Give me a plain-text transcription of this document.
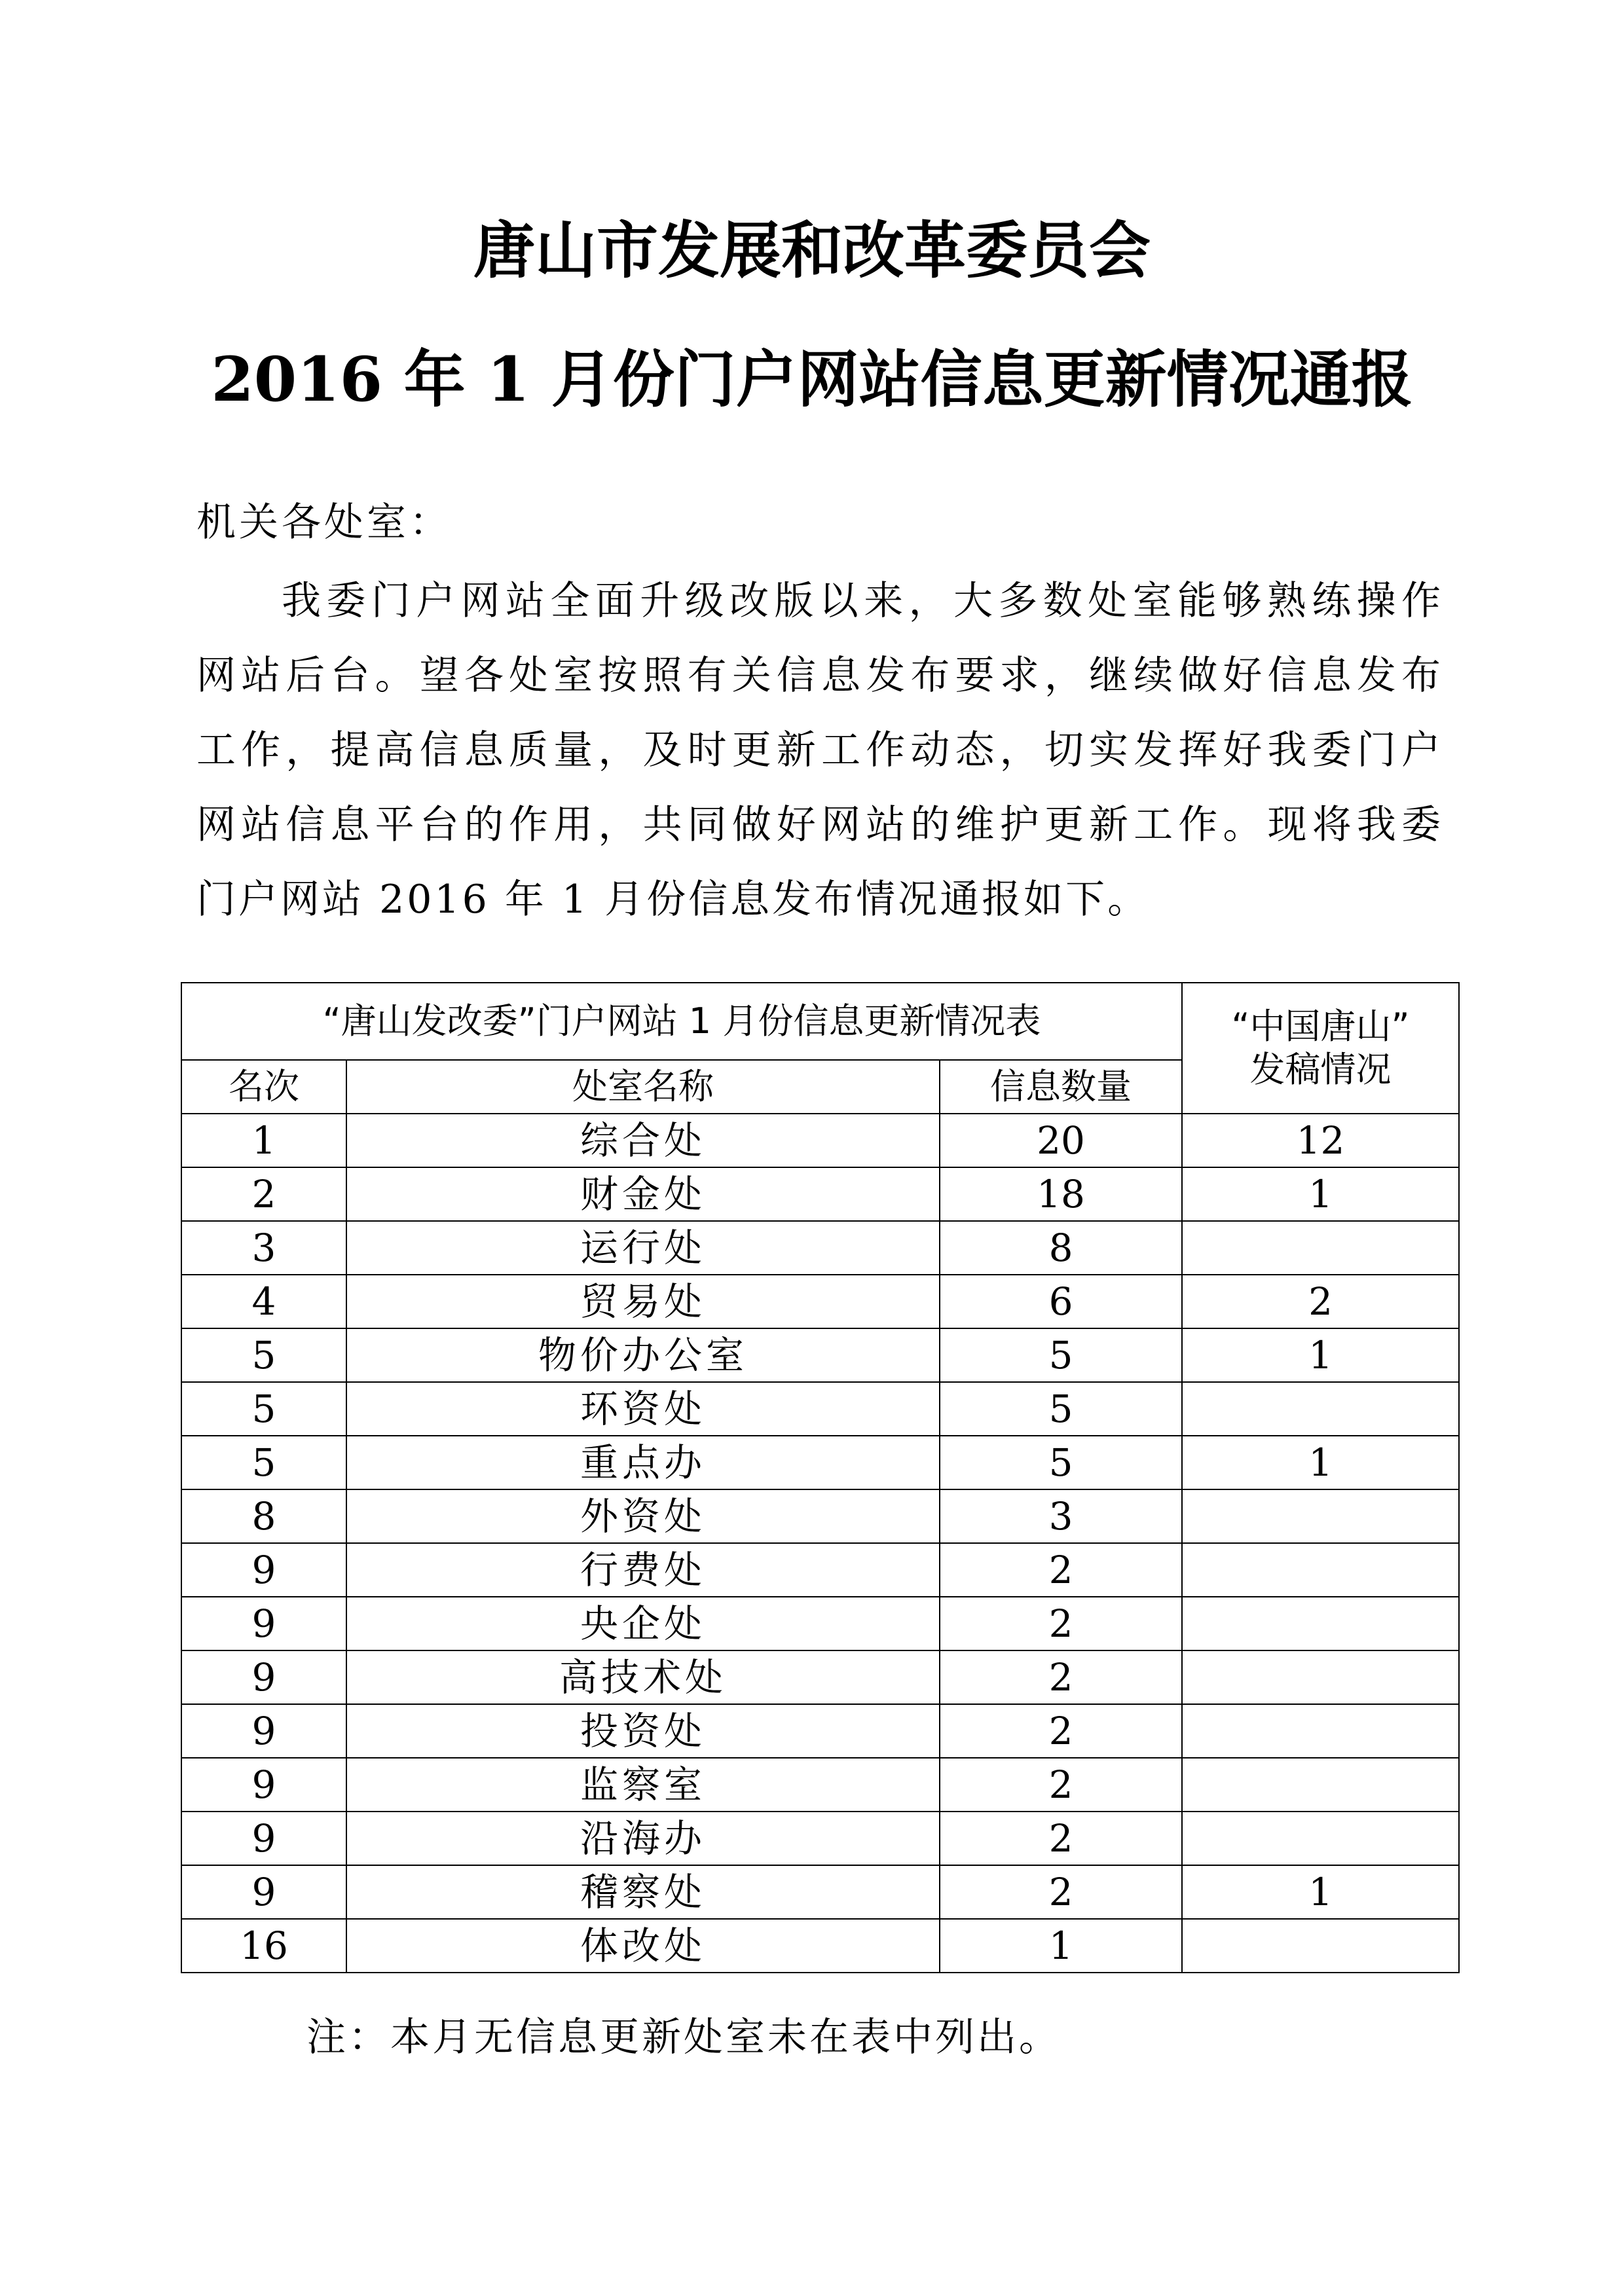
唐山市发展和改革委员会
2016 年 1 月份门户网站信息更新情况通报
机关各处室：
我委门户网站全面升级改版以来，大多数处室能够熟练操作
网站后台。望各处室按照有关信息发布要求，继续做好信息发布
工作，提高信息质量，及时更新工作动态，切实发挥好我委门户
网站信息平台的作用，共同做好网站的维护更新工作。现将我委
门户网站 2016 年 1 月份信息发布情况通报如下。
“唐山发改委”门户网站 1 月份信息更新情况表			“中国唐山”
发稿情况
名次	处室名称	信息数量	
1	综合处	20	12
2	财金处	18	1
3	运行处	8	
4	贸易处	6	2
5	物价办公室	5	1
5	环资处	5	
5	重点办	5	1
8	外资处	3	
9	行费处	2	
9	央企处	2	
9	高技术处	2	
9	投资处	2	
9	监察室	2	
9	沿海办	2	
9	稽察处	2	1
16	体改处	1	
注：本月无信息更新处室未在表中列出。
